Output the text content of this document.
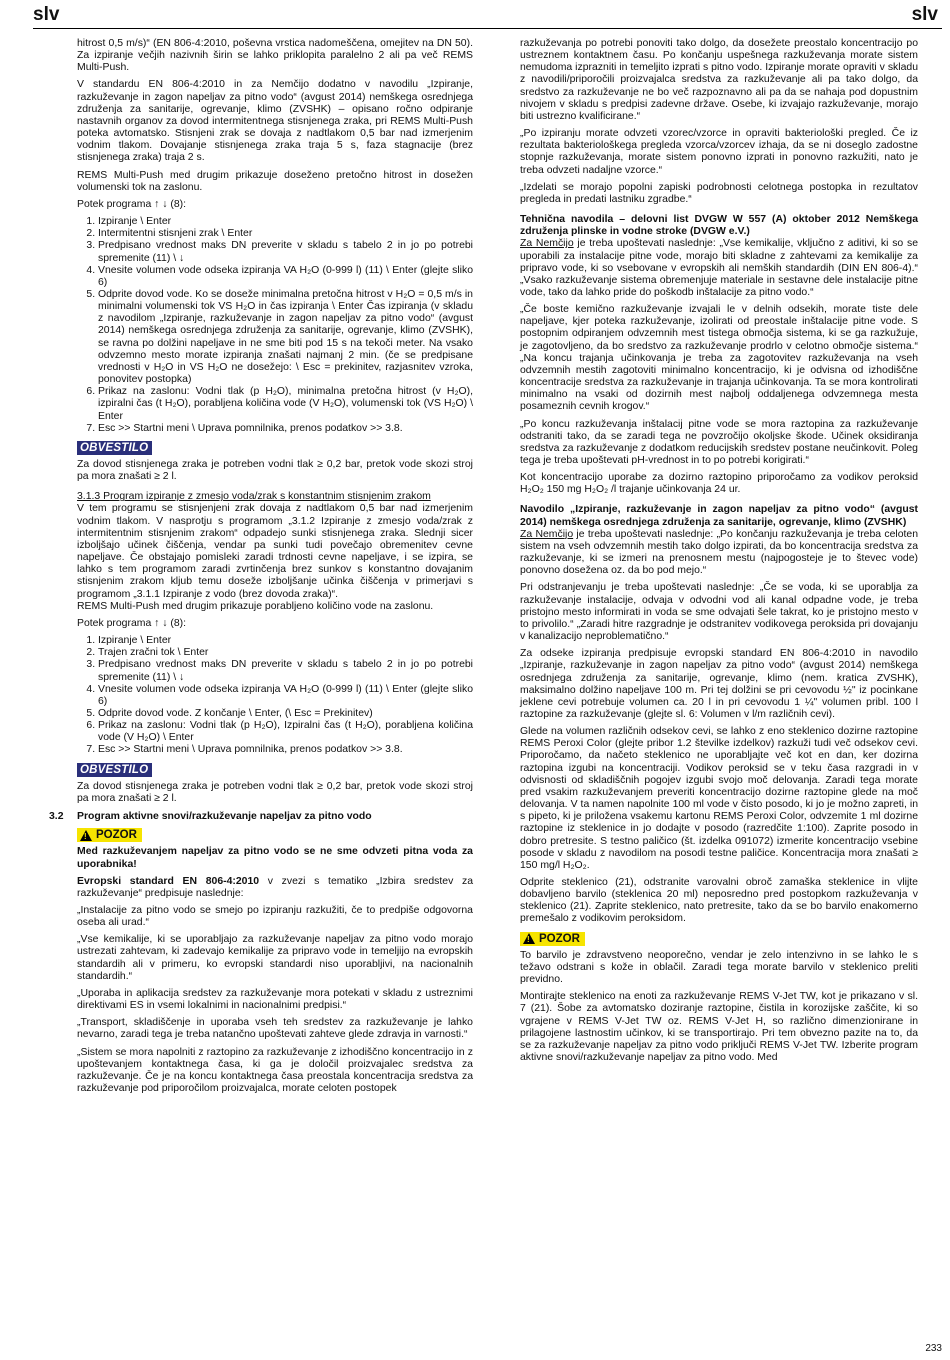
slv	slv

hitrost 0,5 m/s)“ (EN 806-4:2010, poševna vrstica nadomeščena, omejitev na DN 50). Za izpiranje večjih nazivnih širin se lahko priklopita paralelno 2 ali pa več REMS Multi-Push.

V standardu EN 806-4:2010 in za Nemčijo dodatno v navodilu „Izpiranje, razkuževanje in zagon napeljav za pitno vodo“ (avgust 2014) nemškega osrednjega združenja za sanitarije, ogrevanje, klimo (ZVSHK) – opisano ročno odpiranje nastavnih organov za dovod intermitentnega stisnjenega zraka, pri REMS Multi-Push poteka avtomatsko. Stisnjeni zrak se dovaja z nadtlakom 0,5 bar nad izmerjenim vodnim tlakom. Dovajanje stisnjenega zraka traja 5 s, faza stagnacije (brez stisnjenega zraka) traja 2 s.

REMS Multi-Push med drugim prikazuje doseženo pretočno hitrost in dosežen volumenski tok na zaslonu.

Potek programa ↑ ↓ (8):

1. Izpiranje \ Enter
2. Intermitentni stisnjeni zrak \ Enter
3. Predpisano vrednost maks DN preverite v skladu s tabelo 2 in jo po potrebi spremenite (11) \ ↓
4. Vnesite volumen vode odseka izpiranja VA H₂O (0-999 l) (11) \ Enter (glejte sliko 6)
5. Odprite dovod vode. Ko se doseže minimalna pretočna hitrost v H₂O = 0,5 m/s in minimalni volumenski tok VS H₂O in čas izpiranja \ Enter Čas izpiranja (v skladu z navodilom „Izpiranje, razkuževanje in zagon napeljav za pitno vodo“ (avgust 2014) nemškega osrednjega združenja za sanitarije, ogrevanje, klimo (ZVSHK), se ravna po dolžini napeljave in ne sme biti pod 15 s na tekoči meter. Na vsako odvzemno mesto morate izpiranja znašati najmanj 2 min. (če se predpisane vrednosti v H₂O in VS H₂O ne dosežejo: \ Esc = prekinitev, razjasnitev vzroka, ponovitev postopka)
6. Prikaz na zaslonu: Vodni tlak (p H₂O), minimalna pretočna hitrost (v H₂O), izpiralni čas (t H₂O), porabljena količina vode (V H₂O), volumenski tok (VS H₂O) \ Enter
7. Esc >> Startni meni \ Uprava pomnilnika, prenos podatkov >> 3.8.
OBVESTILO

Za dovod stisnjenega zraka je potreben vodni tlak ≥ 0,2 bar, pretok vode skozi stroj pa mora znašati ≥ 2 l.

3.1.3 Program izpiranje z zmesjo voda/zrak s konstantnim stisnjenim zrakom
V tem programu se stisnjenjeni zrak dovaja z nadtlakom 0,5 bar nad izmerjenim vodnim tlakom. V nasprotju s programom „3.1.2 Izpiranje z zmesjo voda/zrak z intermitentnim stisnjenim zrakom“ odpadejo sunki stisnjenega zraka. Slednji sicer izboljšajo učinek čiščenja, vendar pa sunki tudi povečajo obremenitev cevne napeljave. Če obstajajo pomisleki zaradi trdnosti cevne napeljave, i se izpira, se lahko s tem programom zaradi zvrtinčenja brez sunkov s konstantno dovajanim stisnjenim zrakom kljub temu doseže izboljšanje učinka čiščenja v primerjavi s programom „3.1.1 Izpiranje z vodo (brez dovoda zraka)“.

REMS Multi-Push med drugim prikazuje porabljeno količino vode na zaslonu.

Potek programa ↑ ↓ (8):

1. Izpiranje \ Enter
2. Trajen zračni tok \ Enter
3. Predpisano vrednost maks DN preverite v skladu s tabelo 2 in jo po potrebi spremenite (11) \ ↓
4. Vnesite volumen vode odseka izpiranja VA H₂O (0-999 l) (11) \ Enter (glejte sliko 6)
5. Odprite dovod vode. Z končanje \ Enter, (\ Esc = Prekinitev)
6. Prikaz na zaslonu: Vodni tlak (p H₂O), Izpiralni čas (t H₂O), porabljena količina vode (V H₂O) \ Enter
7. Esc >> Startni meni \ Uprava pomnilnika, prenos podatkov >> 3.8.
OBVESTILO

Za dovod stisnjenega zraka je potreben vodni tlak ≥ 0,2 bar, pretok vode skozi stroj pa mora znašati ≥ 2 l.

3.2 Program aktivne snovi/razkuževanje napeljav za pitno vodo
!
POZOR

Med razkuževanjem napeljav za pitno vodo se ne sme odvzeti pitna voda za uporabnika!

Evropski standard EN 806-4:2010 v zvezi s tematiko „Izbira sredstev za razkuževanje“ predpisuje naslednje:

„Instalacije za pitno vodo se smejo po izpiranju razkužiti, če to predpiše odgovorna oseba ali urad.“

„Vse kemikalije, ki se uporabljajo za razkuževanje napeljav za pitno vodo morajo ustrezati zahtevam, ki zadevajo kemikalije za pripravo vode in temeljijo na evropskih standardih ali v primeru, ko evropski standardi niso uporabljivi, na nacionalnih standardih.“

„Uporaba in aplikacija sredstev za razkuževanje mora potekati v skladu z ustreznimi direktivami ES in vsemi lokalnimi in nacionalnimi predpisi.“

„Transport, skladiščenje in uporaba vseh teh sredstev za razkuževanje je lahko nevarno, zaradi tega je treba natančno upoštevati zahteve glede zdravja in varnosti.“

„Sistem se mora napolniti z raztopino za razkuževanje z izhodiščno koncentracijo in z upoštevanjem kontaktnega časa, ki ga je določil proizvajalec sredstva za razkuževanje. Če je na koncu kontaktnega časa preostala koncentracija sredstva za razkuževanje pod priporočilom proizvajalca, morate celoten postopek

razkuževanja po potrebi ponoviti tako dolgo, da dosežete preostalo koncentracijo po ustreznem kontaktnem času. Po končanju uspešnega razkuževanja morate sistem nemudoma izprazniti in temeljito izprati s pitno vodo. Izpiranje morate opraviti v skladu z navodili/priporočili proizvajalca sredstva za razkuževanje ali pa tako dolgo, da sredstvo za razkuževanje ne bo več razpoznavno ali pa da se nahaja pod dopustnim nivojem v skladu s predpisi zadevne države. Osebe, ki izvajajo razkuževanje, morajo biti ustrezno kvalificirane.“

„Po izpiranju morate odvzeti vzorec/vzorce in opraviti bakteriološki pregled. Če iz rezultata bakteriološkega pregleda vzorca/vzorcev izhaja, da se ni doseglo zadostne stopnje razkuževanja, morate sistem ponovno izprati in ponovno razkužiti, nato je treba odvzeti nadaljne vzorce.“

„Izdelati se morajo popolni zapiski podrobnosti celotnega postopka in rezultatov pregleda in predati lastniku zgradbe.“

Tehnična navodila – delovni list DVGW W 557 (A) oktober 2012 Nemškega združenja plinske in vodne stroke (DVGW e.V.)

Za Nemčijo je treba upoštevati naslednje: „Vse kemikalije, vključno z aditivi, ki so se uporabili za instalacije pitne vode, morajo biti skladne z zahtevami za kemikalije za pripravo vode, ki so vsebovane v evropskih ali nemških standardih (DIN EN 806-4).“ „Vsako razkuževanje sistema obremenjuje materiale in sestavne dele instalacije pitne vode, tako da lahko pride do poškodb inštalacije za pitno vodo.“

„Če boste kemično razkuževanje izvajali le v delnih odsekih, morate tiste dele napeljave, kjer poteka razkuževanje, izolirati od preostale inštalacije pitne vode. S postopnim odpiranjem odvzemnih mest tistega območja sistema, ki se ga razkužuje, je zagotovljeno, da bo sredstvo za razkuževanje prodrlo v celotno območje sistema.“ „Na koncu trajanja učinkovanja je treba za zagotovitev razkuževanja na vseh odvzemnih mestih zagotoviti minimalno koncentracijo, ki je odvisna od izhodiščne koncentracije sredstva za razkuževanje in trajanja učinkovanja. Ta se mora kontrolirati minimalno na vsaki od dozirnih mest najbolj oddaljenega odvzemnega mesta posameznih cevnih krogov.“

„Po koncu razkuževanja inštalacij pitne vode se mora raztopina za razkuževanje odstraniti tako, da se zaradi tega ne povzročijo okoljske škode. Učinek oksidiranja sredstva za razkuževanje z dodatkom reducijskih sredstev postane neučinkovit. Poleg tega je treba upoštevati pH-vrednost in to po potrebi korigirati.“

Kot koncentracijo uporabe za dozirno raztopino priporočamo za vodikov peroksid H₂O₂ 150 mg H₂O₂ /l trajanje učinkovanja 24 ur.

Navodilo „Izpiranje, razkuževanje in zagon napeljav za pitno vodo“ (avgust 2014) nemškega osrednjega združenja za sanitarije, ogrevanje, klimo (ZVSHK)

Za Nemčijo je treba upoštevati naslednje: „Po končanju razkuževanja je treba celoten sistem na vseh odvzemnih mestih tako dolgo izpirati, da bo koncentracija sredstva za razkuževanje, ki se izmeri na prenosnem mestu (najpogosteje je to števec vode) ponovno dosežena oz. da bo pod mejo.“

Pri odstranjevanju je treba upoštevati naslednje: „Če se voda, ki se uporablja za razkuževanje instalacije, odvaja v odvodni vod ali kanal odpadne vode, je treba pristojno mesto informirati in voda se sme odvajati šele takrat, ko je pristojno mesto v to privolilo.“ „Zaradi hitre razgradnje je odstranitev vodikovega peroksida pri dovajanju v kanalizacijo neproblematično.“

Za odseke izpiranja predpisuje evropski standard EN 806-4:2010 in navodilo „Izpiranje, razkuževanje in zagon napeljav za pitno vodo“ (avgust 2014) nemškega osrednjega združenja za sanitarije, ogrevanje, klimo (nem. kratica ZVSHK), maksimalno dolžino napeljave 100 m. Pri tej dolžini se pri cevovodu ½" iz pocinkane jeklene cevi potrebuje volumen ca. 20 l in pri cevovodu 1 ¼" volumen pribl. 100 l raztopine za razkuževanje (glejte sl. 6: Volumen v l/m različnih cevi).

Glede na volumen različnih odsekov cevi, se lahko z eno steklenico dozirne raztopine REMS Peroxi Color (glejte pribor 1.2 številke izdelkov) razkuži tudi več odsekov cevi. Priporočamo, da načeto steklenico ne uporabljajte več kot en dan, ker dozirna raztopina izgubi na koncentraciji. Vodikov peroksid se v teku časa razgradi in v odvisnosti od skladiščnih pogojev izgubi svojo moč delovanja. Zaradi tega morate pred vsakim razkuževanjem preveriti koncentracijo dozirne raztopine glede na moč delovanja. V ta namen napolnite 100 ml vode v čisto posodo, ki jo je možno zapreti, in s pipeto, ki je priložena vsakemu kartonu REMS Peroxi Color, odvzemite 1 ml dozirne raztopine iz steklenice in jo dodajte v posodo (razredčite 1:100). Zaprite posodo in dobro pretresite. S testno paličico (št. izdelka 091072) izmerite koncentracijo vsebine posode v skladu z navodilom na posodi testne paličice. Koncentracija mora znašati ≥ 150 mg/l H₂O₂.

Odprite steklenico (21), odstranite varovalni obroč zamaška steklenice in vlijte dobavljeno barvilo (steklenica 20 ml) neposredno pred postopkom razkuževanja v steklenico (21). Zaprite steklenico, nato pretresite, tako da se bo barvilo enakomerno premešalo z vodikovim peroksidom.

!
POZOR

To barvilo je zdravstveno neoporečno, vendar je zelo intenzivno in se lahko le s težavo odstrani s kože in oblačil. Zaradi tega morate barvilo v steklenico preliti previdno.

Montirajte steklenico na enoti za razkuževanje REMS V-Jet TW, kot je prikazano v sl. 7 (21). Šobe za avtomatsko doziranje raztopine, čistila in korozijske zaščite, ki so vgrajene v REMS V-Jet TW oz. REMS V-Jet H, so različno dimenzionirane in prilagojene lastnostim učinkov, ki se transportirajo. Pri tem obvezno pazite na to, da se za razkuževanje napeljav za pitno vodo priključi REMS V-Jet TW. Izberite program aktivne snovi/razkuževanje napeljav za pitno vodo. Med

233
